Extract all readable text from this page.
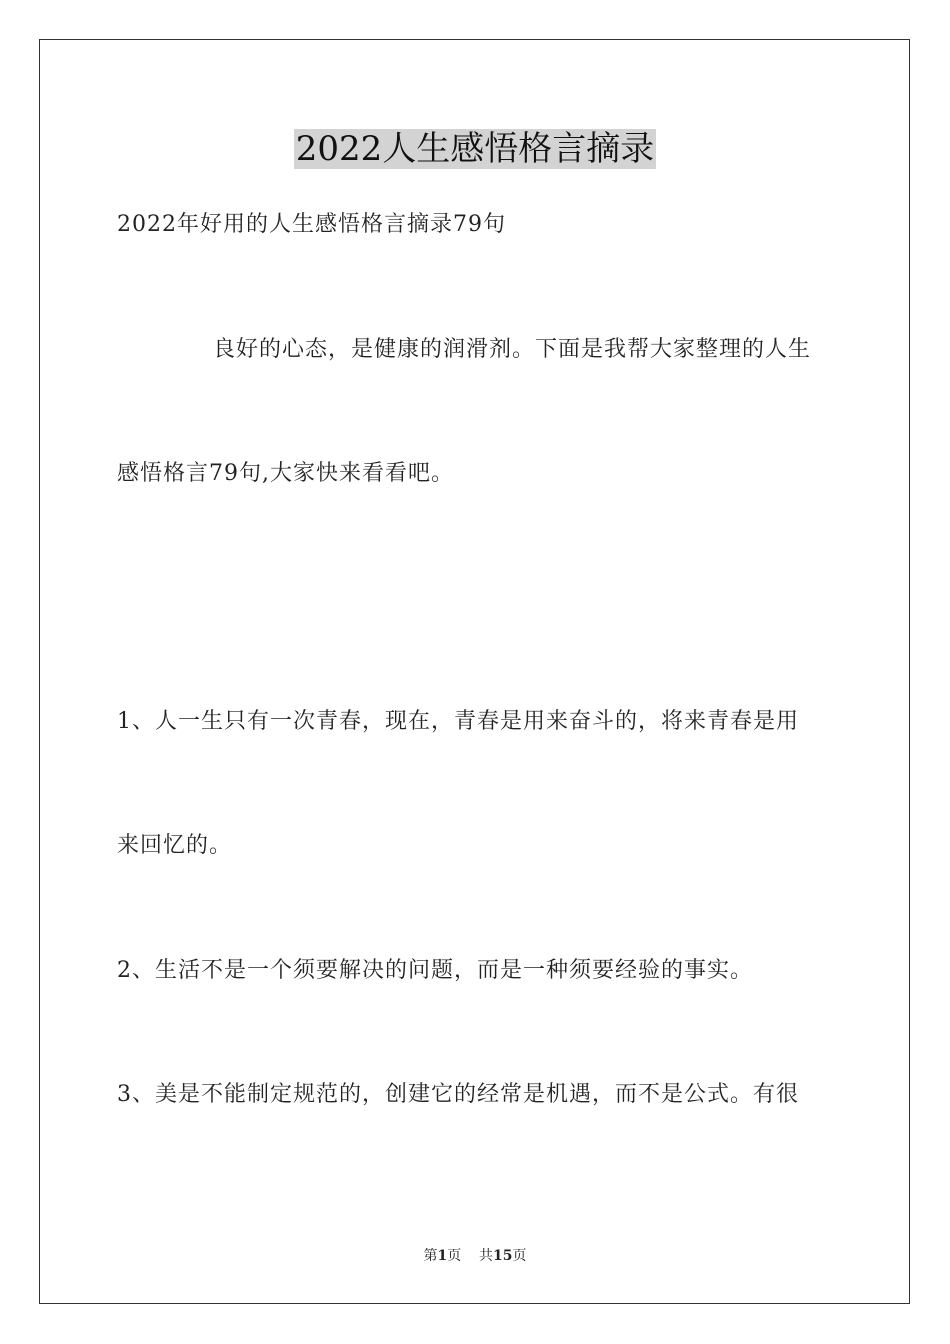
2022人生感悟格言摘录
2022年好用的人生感悟格言摘录79句
良好的心态，是健康的润滑剂。下面是我帮大家整理的人生
感悟格言79句,大家快来看看吧。
1、人一生只有一次青春，现在，青春是用来奋斗的，将来青春是用
来回忆的。
2、生活不是一个须要解决的问题，而是一种须要经验的事实。
3、美是不能制定规范的，创建它的经常是机遇，而不是公式。有很
第1页 共15页
